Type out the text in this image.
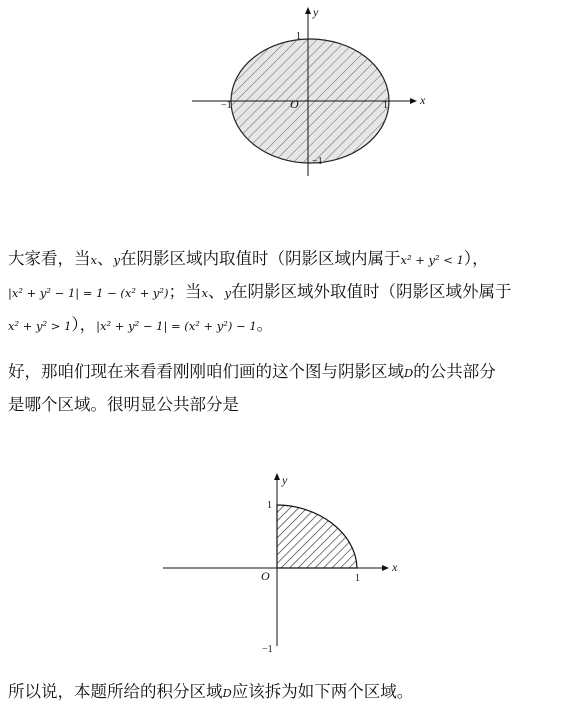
x
y
O
−1	1
1
−1
大家看，当x、y在阴影区域内取值时（阴影区域内属于x² + y² < 1），
|x² + y² − 1| = 1 − (x² + y²)；当x、y在阴影区域外取值时（阴影区域外属于
x² + y² > 1），|x² + y² − 1| = (x² + y²) − 1。
好，那咱们现在来看看刚刚咱们画的这个图与阴影区域D的公共部分
是哪个区域。很明显公共部分是
x
y
O	1
1
−1
所以说，本题所给的积分区域D应该拆为如下两个区域。
